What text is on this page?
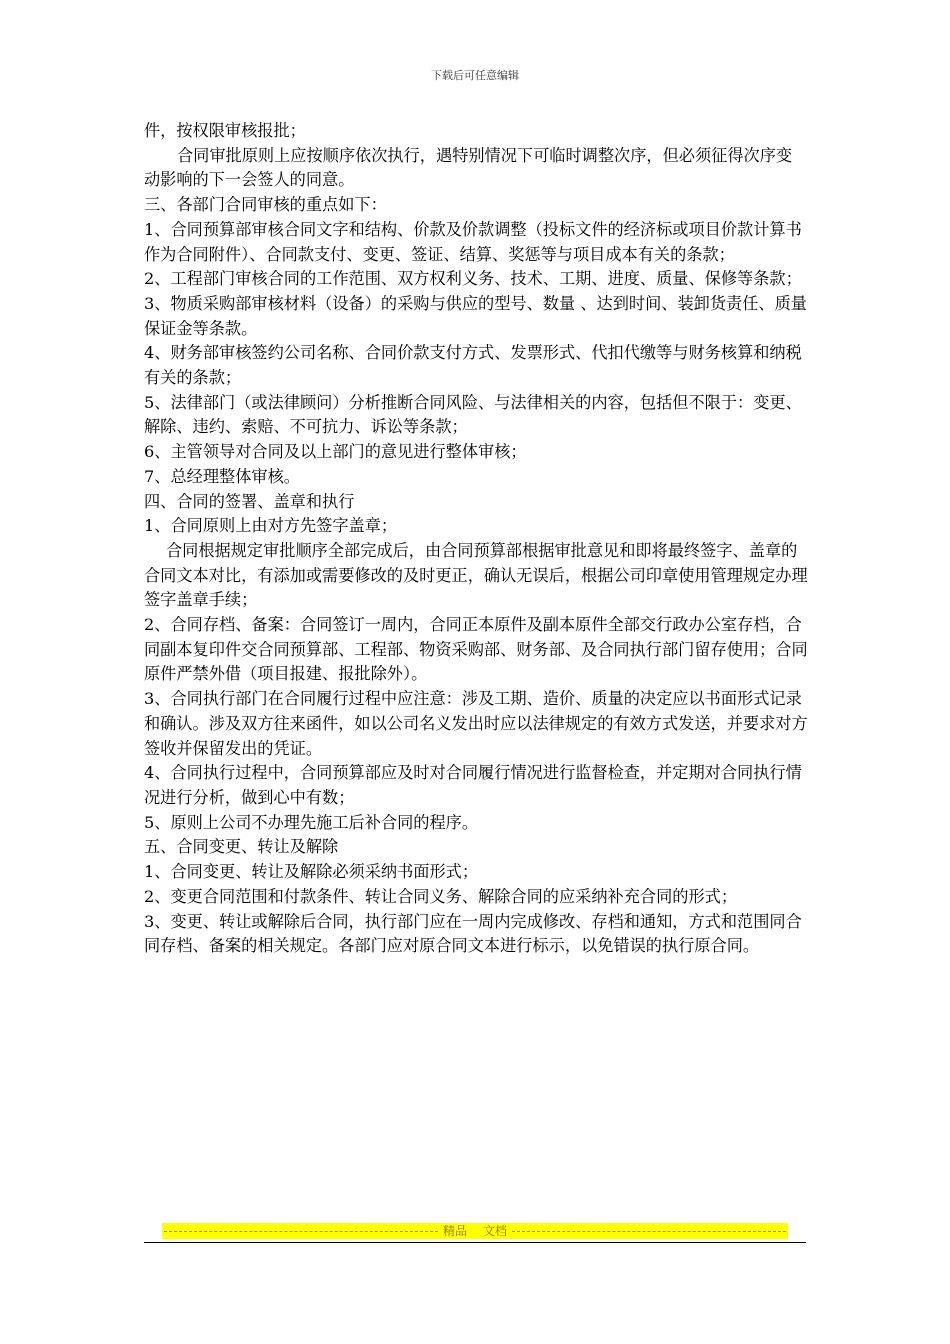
下载后可任意编辑

件，按权限审核报批；

合同审批原则上应按顺序依次执行，遇特别情况下可临时调整次序，但必须征得次序变动影响的下一会签人的同意。

三、各部门合同审核的重点如下：

1、合同预算部审核合同文字和结构、价款及价款调整（投标文件的经济标或项目价款计算书作为合同附件）、合同款支付、变更、签证、结算、奖惩等与项目成本有关的条款；

2、工程部门审核合同的工作范围、双方权利义务、技术、工期、进度、质量、保修等条款；

3、物质采购部审核材料（设备）的采购与供应的型号、数量 、达到时间、装卸货责任、质量保证金等条款。

4、财务部审核签约公司名称、合同价款支付方式、发票形式、代扣代缴等与财务核算和纳税有关的条款；

5、法律部门（或法律顾问）分析推断合同风险、与法律相关的内容，包括但不限于：变更、解除、违约、索赔、不可抗力、诉讼等条款；

6、主管领导对合同及以上部门的意见进行整体审核；

7、总经理整体审核。

四、合同的签署、盖章和执行

1、合同原则上由对方先签字盖章；

合同根据规定审批顺序全部完成后，由合同预算部根据审批意见和即将最终签字、盖章的合同文本对比，有添加或需要修改的及时更正，确认无误后，根据公司印章使用管理规定办理签字盖章手续；

2、合同存档、备案：合同签订一周内，合同正本原件及副本原件全部交行政办公室存档，合同副本复印件交合同预算部、工程部、物资采购部、财务部、及合同执行部门留存使用；合同原件严禁外借（项目报建、报批除外）。

3、合同执行部门在合同履行过程中应注意：涉及工期、造价、质量的决定应以书面形式记录和确认。涉及双方往来函件，如以公司名义发出时应以法律规定的有效方式发送，并要求对方签收并保留发出的凭证。

4、合同执行过程中，合同预算部应及时对合同履行情况进行监督检查，并定期对合同执行情况进行分析，做到心中有数；

5、原则上公司不办理先施工后补合同的程序。

五、合同变更、转让及解除

1、合同变更、转让及解除必须采纳书面形式；

2、变更合同范围和付款条件、转让合同义务、解除合同的应采纳补充合同的形式；

3、变更、转让或解除后合同，执行部门应在一周内完成修改、存档和通知，方式和范围同合同存档、备案的相关规定。各部门应对原合同文本进行标示，以免错误的执行原合同。

精品 文档
